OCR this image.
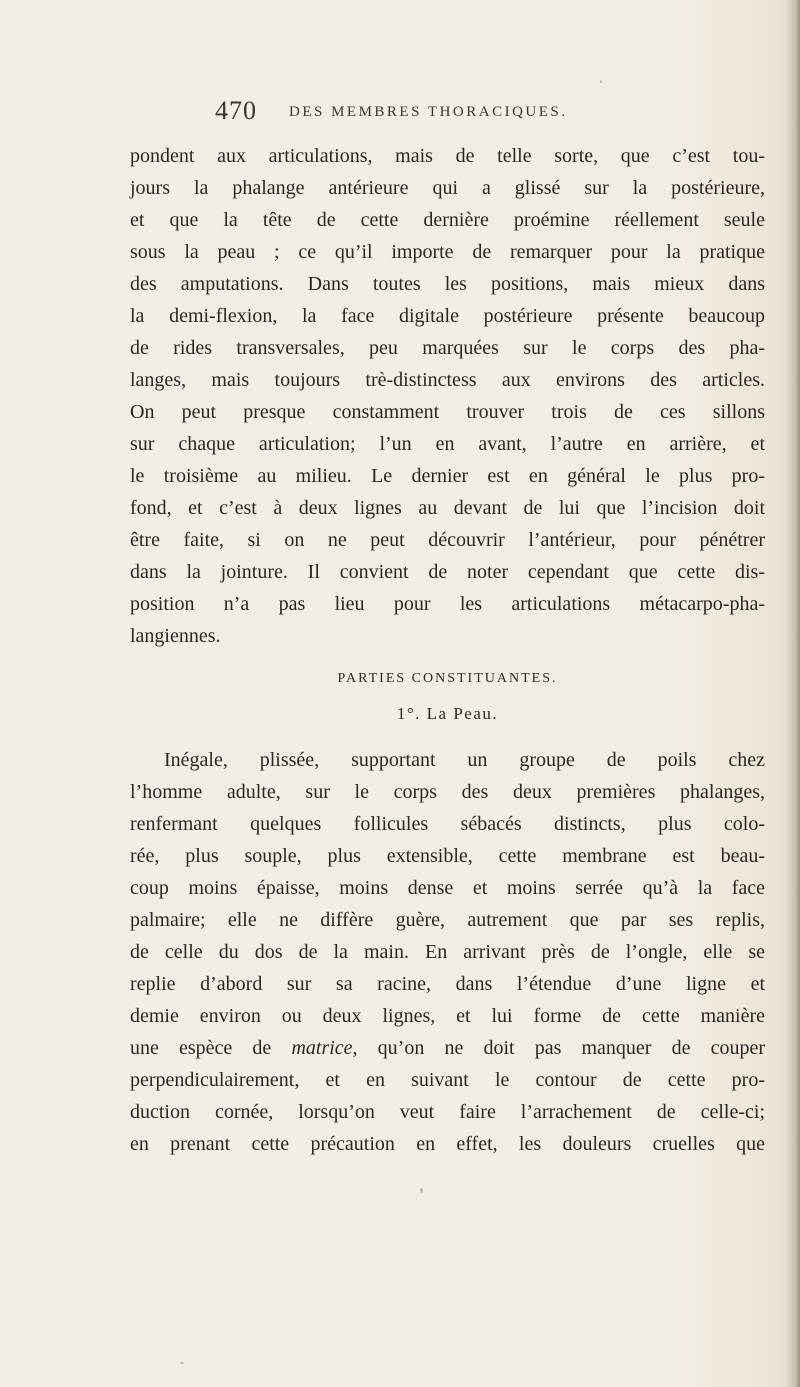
470 DES MEMBRES THORACIQUES.
pondent aux articulations, mais de telle sorte, que c’est tou-
jours la phalange antérieure qui a glissé sur la postérieure,
et que la tête de cette dernière proémine réellement seule
sous la peau ; ce qu’il importe de remarquer pour la pratique
des amputations. Dans toutes les positions, mais mieux dans
la demi-flexion, la face digitale postérieure présente beaucoup
de rides transversales, peu marquées sur le corps des pha-
langes, mais toujours trè-distinctess aux environs des articles.
On peut presque constamment trouver trois de ces sillons
sur chaque articulation; l’un en avant, l’autre en arrière, et
le troisième au milieu. Le dernier est en général le plus pro-
fond, et c’est à deux lignes au devant de lui que l’incision doit
être faite, si on ne peut découvrir l’antérieur, pour pénétrer
dans la jointure. Il convient de noter cependant que cette dis-
position n’a pas lieu pour les articulations métacarpo-pha-
langiennes.
PARTIES CONSTITUANTES.
1°. La Peau.
Inégale, plissée, supportant un groupe de poils chez
l’homme adulte, sur le corps des deux premières phalanges,
renfermant quelques follicules sébacés distincts, plus colo-
rée, plus souple, plus extensible, cette membrane est beau-
coup moins épaisse, moins dense et moins serrée qu’à la face
palmaire; elle ne diffère guère, autrement que par ses replis,
de celle du dos de la main. En arrivant près de l’ongle, elle se
replie d’abord sur sa racine, dans l’étendue d’une ligne et
demie environ ou deux lignes, et lui forme de cette manière
une espèce de matrice, qu’on ne doit pas manquer de couper
perpendiculairement, et en suivant le contour de cette pro-
duction cornée, lorsqu’on veut faire l’arrachement de celle-ci;
en prenant cette précaution en effet, les douleurs cruelles que
